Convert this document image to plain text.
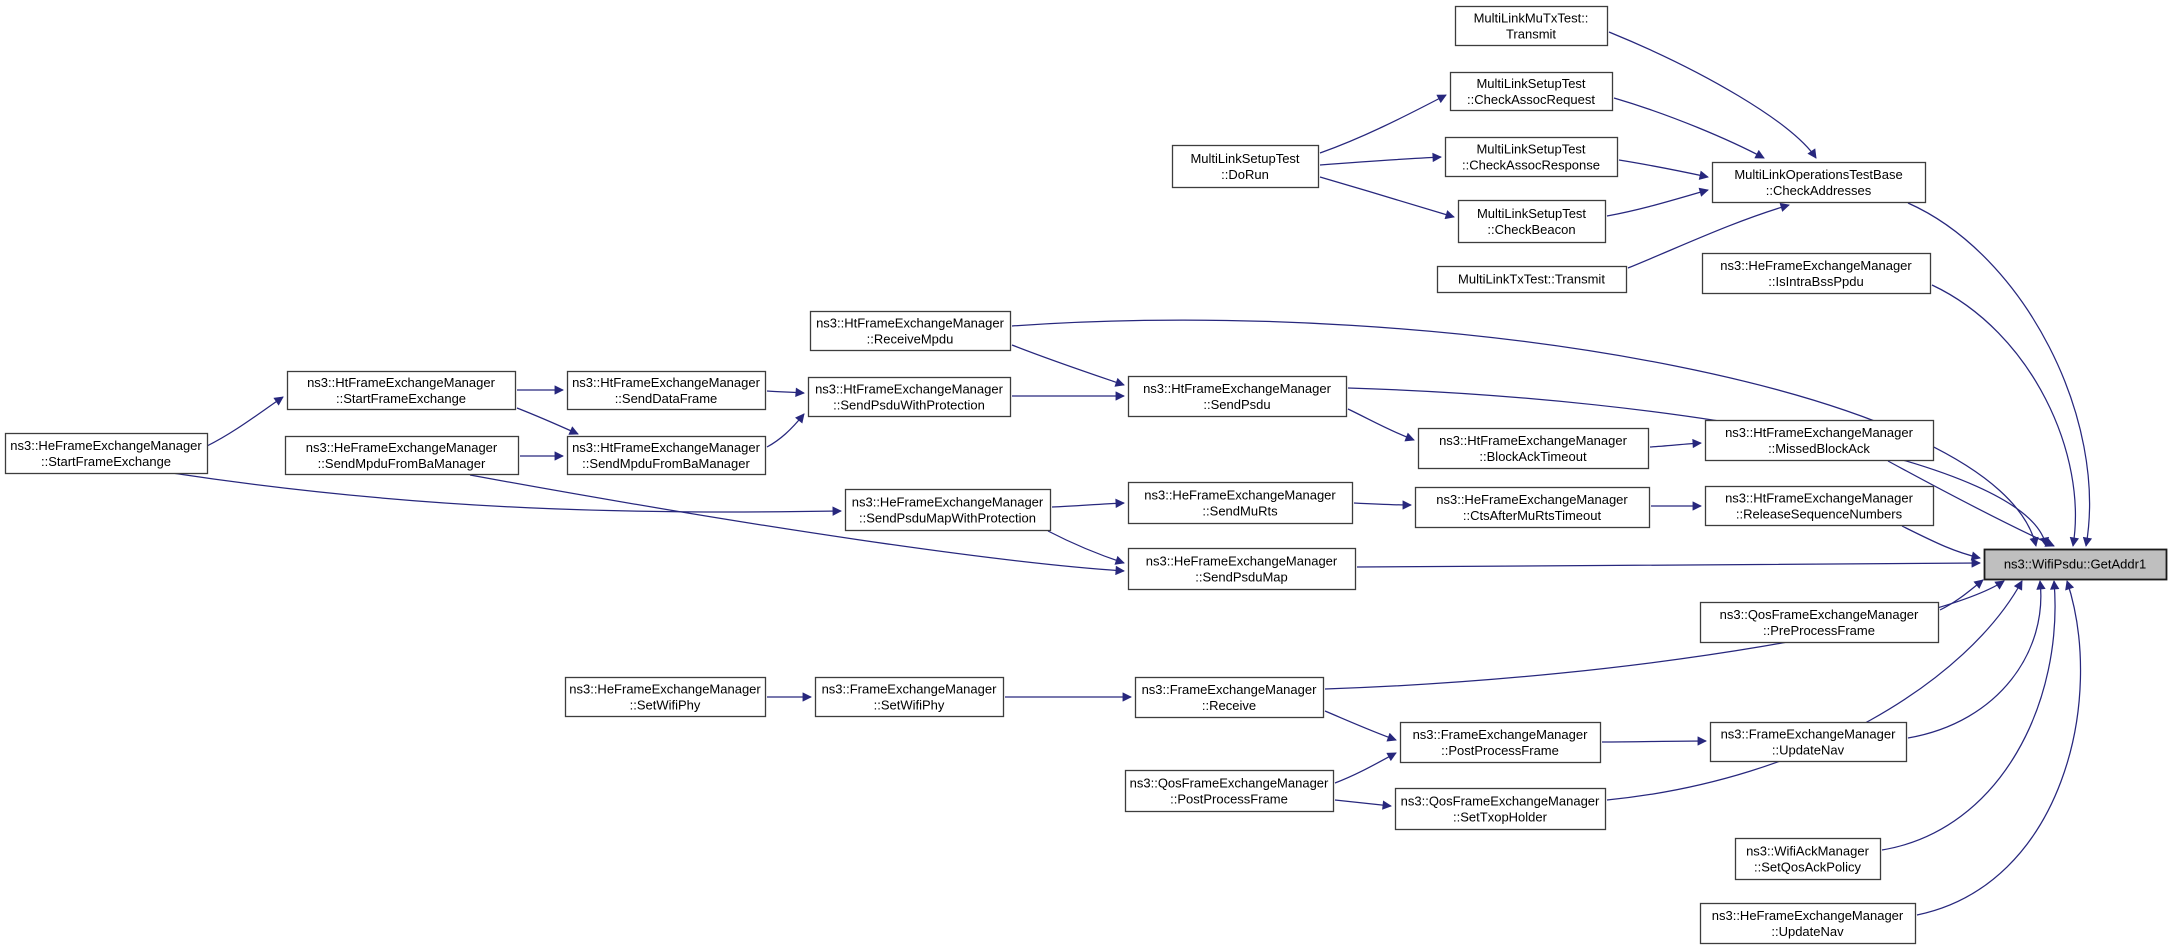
ns3::HeFrameExchangeManager
::StartFrameExchange
ns3::HtFrameExchangeManager
::StartFrameExchange
ns3::HeFrameExchangeManager
::SendMpduFromBaManager
ns3::HtFrameExchangeManager
::SendDataFrame
ns3::HtFrameExchangeManager
::SendMpduFromBaManager
ns3::HeFrameExchangeManager
::SetWifiPhy
ns3::HtFrameExchangeManager
::ReceiveMpdu
ns3::HtFrameExchangeManager
::SendPsduWithProtection
ns3::HeFrameExchangeManager
::SendPsduMapWithProtection
ns3::FrameExchangeManager
::SetWifiPhy
ns3::HtFrameExchangeManager
::SendPsdu
ns3::HeFrameExchangeManager
::SendMuRts
ns3::HeFrameExchangeManager
::SendPsduMap
ns3::FrameExchangeManager
::Receive
ns3::QosFrameExchangeManager
::PostProcessFrame
MultiLinkSetupTest
::DoRun
MultiLinkMuTxTest::
Transmit
MultiLinkSetupTest
::CheckAssocRequest
MultiLinkSetupTest
::CheckAssocResponse
MultiLinkSetupTest
::CheckBeacon
MultiLinkTxTest::Transmit
ns3::HtFrameExchangeManager
::BlockAckTimeout
ns3::HeFrameExchangeManager
::CtsAfterMuRtsTimeout
ns3::FrameExchangeManager
::PostProcessFrame
ns3::QosFrameExchangeManager
::SetTxopHolder
MultiLinkOperationsTestBase
::CheckAddresses
ns3::HeFrameExchangeManager
::IsIntraBssPpdu
ns3::HtFrameExchangeManager
::MissedBlockAck
ns3::HtFrameExchangeManager
::ReleaseSequenceNumbers
ns3::QosFrameExchangeManager
::PreProcessFrame
ns3::FrameExchangeManager
::UpdateNav
ns3::WifiAckManager
::SetQosAckPolicy
ns3::HeFrameExchangeManager
::UpdateNav
ns3::WifiPsdu::GetAddr1
